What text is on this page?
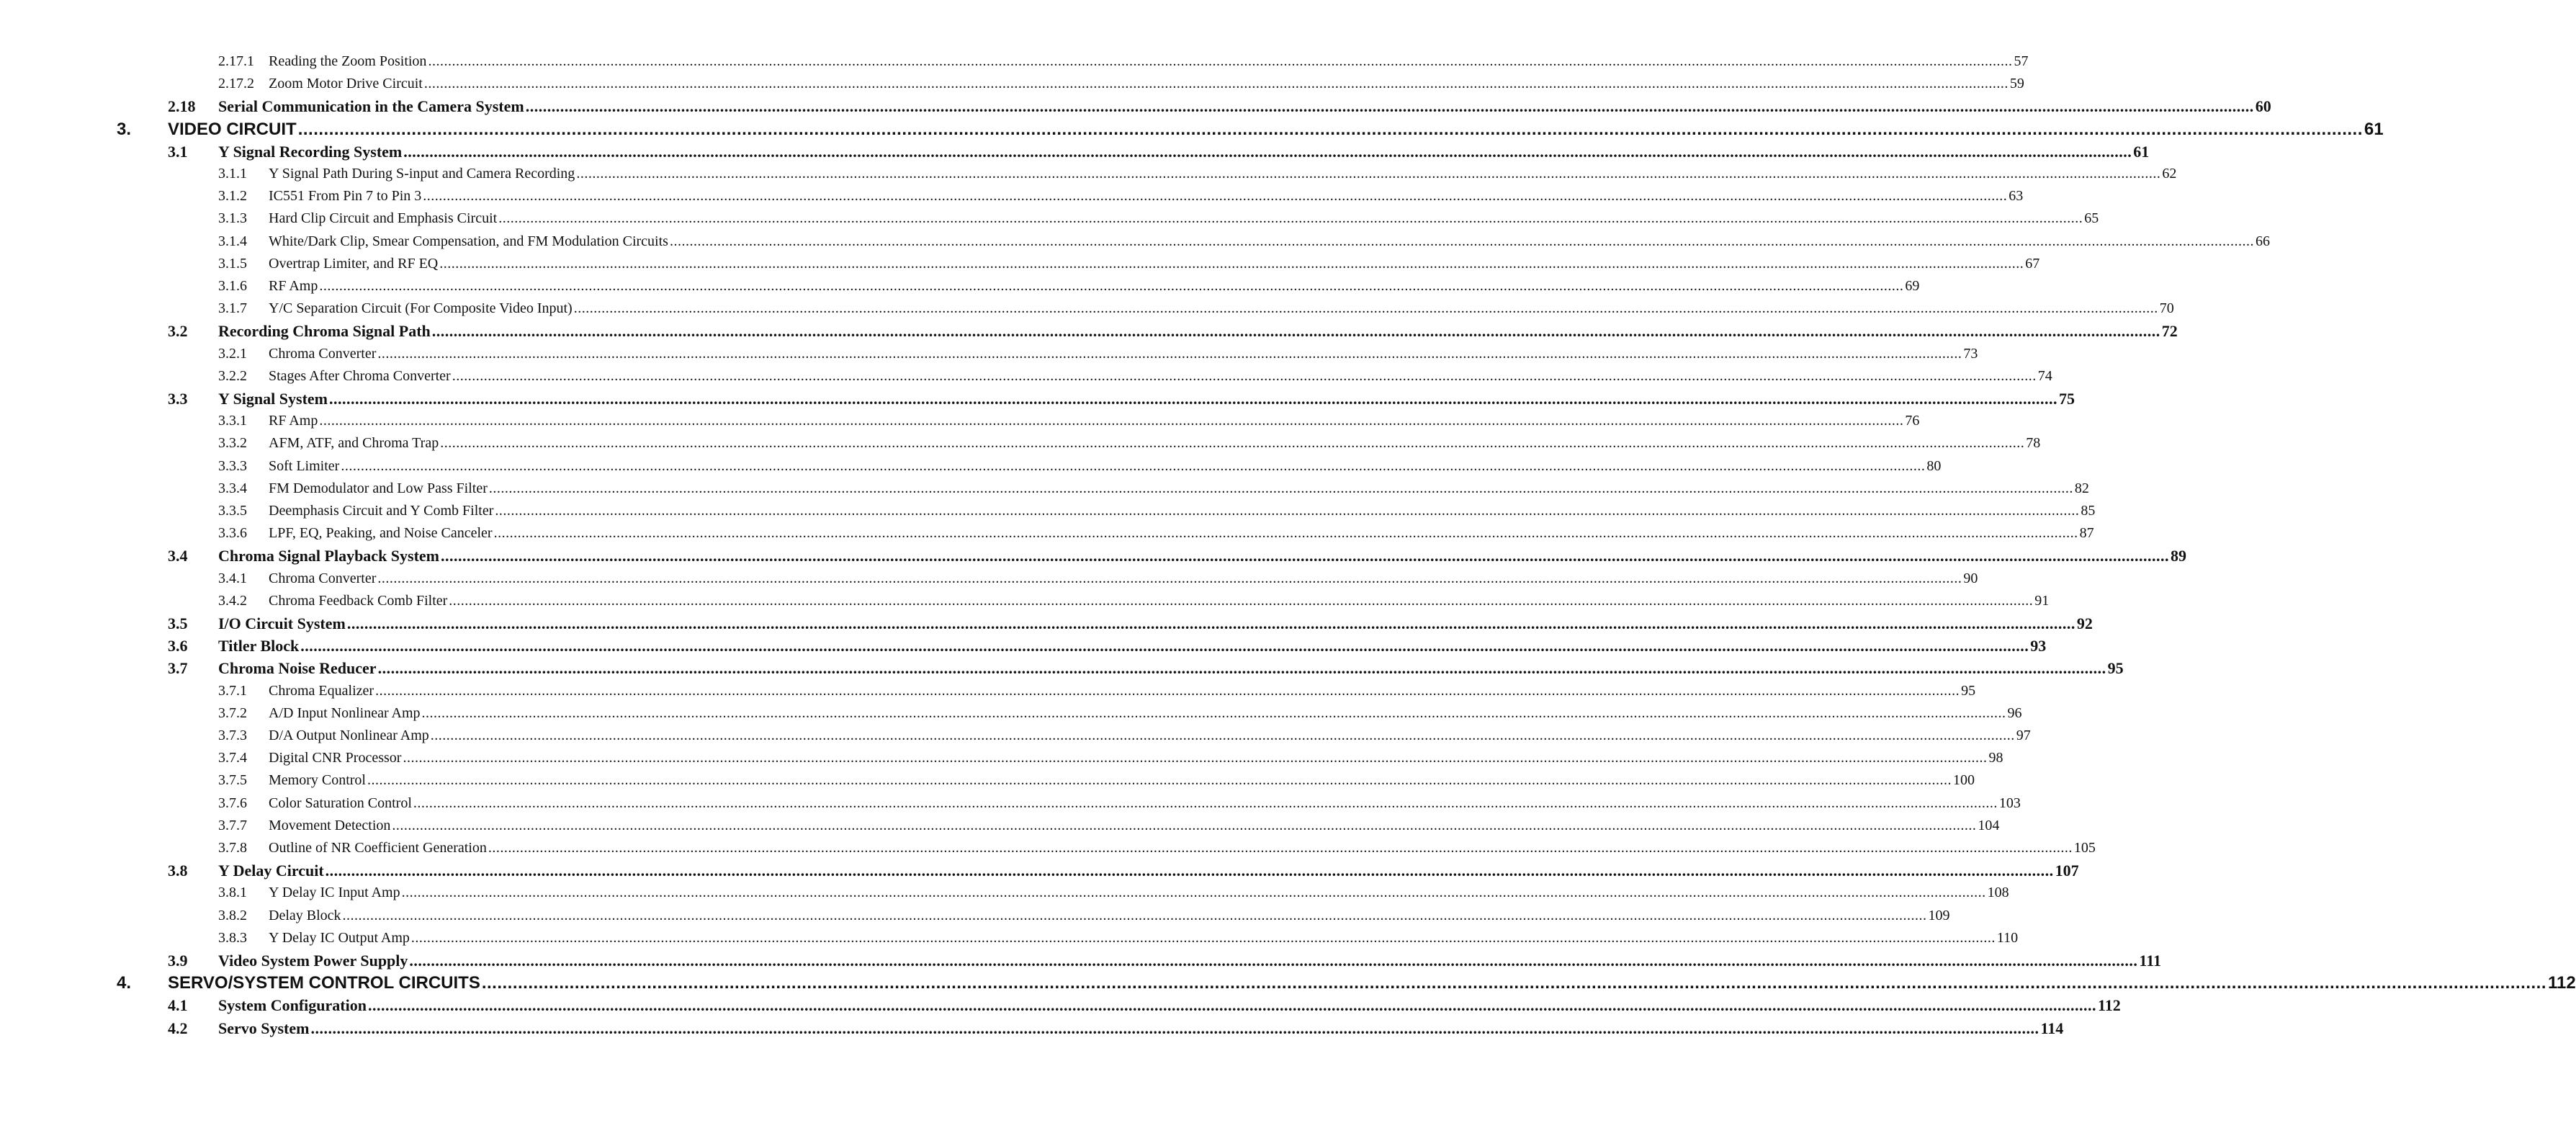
2.17.1 Reading the Zoom Position ................................................................................................................................................................................................................................................................................................................................................................................................................ 57
2.17.2 Zoom Motor Drive Circuit ................................................................................................................................................................................................................................................................................................................................................................................................................ 59
2.18 Serial Communication in the Camera System ................................................................................................................................................................................................................................................................................................................................................................................................................ 60
3. VIDEO CIRCUIT ................................................................................................................................................................................................................................................................................................................................................................................................................ 61
3.1 Y Signal Recording System ................................................................................................................................................................................................................................................................................................................................................................................................................ 61
3.1.1 Y Signal Path During S-input and Camera Recording ................................................................................................................................................................................................................................................................................................................................................................................................................ 62
3.1.2 IC551 From Pin 7 to Pin 3 ................................................................................................................................................................................................................................................................................................................................................................................................................ 63
3.1.3 Hard Clip Circuit and Emphasis Circuit ................................................................................................................................................................................................................................................................................................................................................................................................................ 65
3.1.4 White/Dark Clip, Smear Compensation, and FM Modulation Circuits ................................................................................................................................................................................................................................................................................................................................................................................................................ 66
3.1.5 Overtrap Limiter, and RF EQ ................................................................................................................................................................................................................................................................................................................................................................................................................ 67
3.1.6 RF Amp ................................................................................................................................................................................................................................................................................................................................................................................................................ 69
3.1.7 Y/C Separation Circuit (For Composite Video Input) ................................................................................................................................................................................................................................................................................................................................................................................................................ 70
3.2 Recording Chroma Signal Path ................................................................................................................................................................................................................................................................................................................................................................................................................ 72
3.2.1 Chroma Converter ................................................................................................................................................................................................................................................................................................................................................................................................................ 73
3.2.2 Stages After Chroma Converter ................................................................................................................................................................................................................................................................................................................................................................................................................ 74
3.3 Y Signal System ................................................................................................................................................................................................................................................................................................................................................................................................................ 75
3.3.1 RF Amp ................................................................................................................................................................................................................................................................................................................................................................................................................ 76
3.3.2 AFM, ATF, and Chroma Trap ................................................................................................................................................................................................................................................................................................................................................................................................................ 78
3.3.3 Soft Limiter ................................................................................................................................................................................................................................................................................................................................................................................................................ 80
3.3.4 FM Demodulator and Low Pass Filter ................................................................................................................................................................................................................................................................................................................................................................................................................ 82
3.3.5 Deemphasis Circuit and Y Comb Filter ................................................................................................................................................................................................................................................................................................................................................................................................................ 85
3.3.6 LPF, EQ, Peaking, and Noise Canceler ................................................................................................................................................................................................................................................................................................................................................................................................................ 87
3.4 Chroma Signal Playback System ................................................................................................................................................................................................................................................................................................................................................................................................................ 89
3.4.1 Chroma Converter ................................................................................................................................................................................................................................................................................................................................................................................................................ 90
3.4.2 Chroma Feedback Comb Filter ................................................................................................................................................................................................................................................................................................................................................................................................................ 91
3.5 I/O Circuit System ................................................................................................................................................................................................................................................................................................................................................................................................................ 92
3.6 Titler Block ................................................................................................................................................................................................................................................................................................................................................................................................................ 93
3.7 Chroma Noise Reducer ................................................................................................................................................................................................................................................................................................................................................................................................................ 95
3.7.1 Chroma Equalizer ................................................................................................................................................................................................................................................................................................................................................................................................................ 95
3.7.2 A/D Input Nonlinear Amp ................................................................................................................................................................................................................................................................................................................................................................................................................ 96
3.7.3 D/A Output Nonlinear Amp ................................................................................................................................................................................................................................................................................................................................................................................................................ 97
3.7.4 Digital CNR Processor ................................................................................................................................................................................................................................................................................................................................................................................................................ 98
3.7.5 Memory Control ................................................................................................................................................................................................................................................................................................................................................................................................................ 100
3.7.6 Color Saturation Control ................................................................................................................................................................................................................................................................................................................................................................................................................ 103
3.7.7 Movement Detection ................................................................................................................................................................................................................................................................................................................................................................................................................ 104
3.7.8 Outline of NR Coefficient Generation ................................................................................................................................................................................................................................................................................................................................................................................................................ 105
3.8 Y Delay Circuit ................................................................................................................................................................................................................................................................................................................................................................................................................ 107
3.8.1 Y Delay IC Input Amp ................................................................................................................................................................................................................................................................................................................................................................................................................ 108
3.8.2 Delay Block ................................................................................................................................................................................................................................................................................................................................................................................................................ 109
3.8.3 Y Delay IC Output Amp ................................................................................................................................................................................................................................................................................................................................................................................................................ 110
3.9 Video System Power Supply ................................................................................................................................................................................................................................................................................................................................................................................................................ 111
4. SERVO/SYSTEM CONTROL CIRCUITS ................................................................................................................................................................................................................................................................................................................................................................................................................ 112
4.1 System Configuration ................................................................................................................................................................................................................................................................................................................................................................................................................ 112
4.2 Servo System ................................................................................................................................................................................................................................................................................................................................................................................................................ 114
